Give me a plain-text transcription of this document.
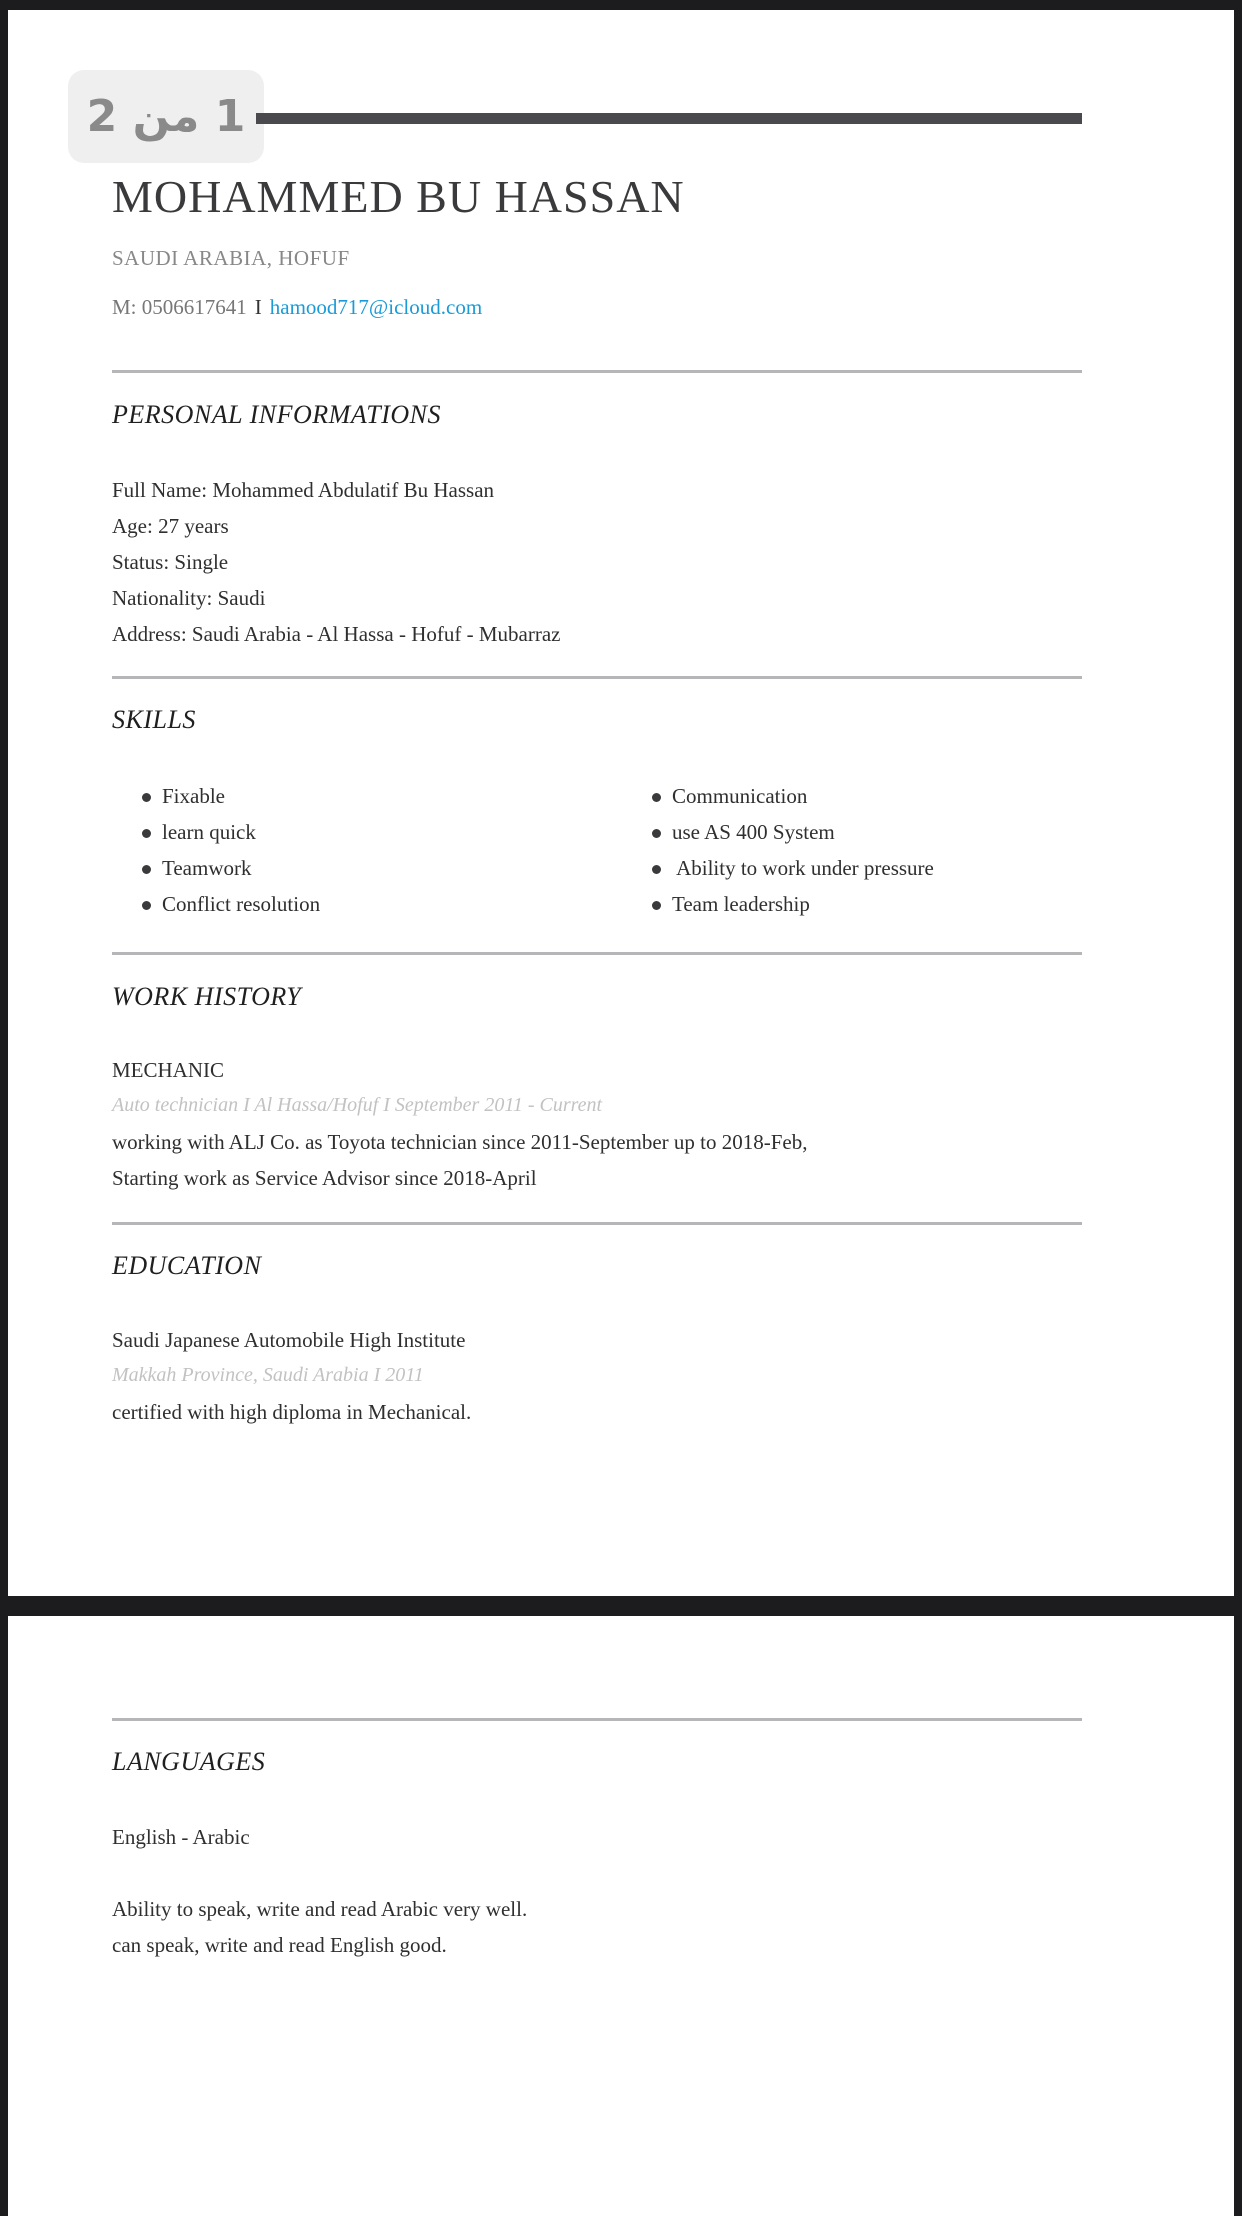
1 من 2
MOHAMMED BU HASSAN
SAUDI ARABIA, HOFUF
M: 0506617641 I hamood717@icloud.com
PERSONAL INFORMATIONS
Full Name: Mohammed Abdulatif Bu Hassan
Age: 27 years
Status: Single
Nationality: Saudi
Address: Saudi Arabia - Al Hassa - Hofuf - Mubarraz
SKILLS
Fixable
learn quick
Teamwork
Conflict resolution
Communication
use AS 400 System
Ability to work under pressure
Team leadership
WORK HISTORY
MECHANIC
Auto technician I Al Hassa/Hofuf I September 2011 - Current
working with ALJ Co. as Toyota technician since 2011-September up to 2018-Feb,
Starting work as Service Advisor since 2018-April
EDUCATION
Saudi Japanese Automobile High Institute
Makkah Province, Saudi Arabia I 2011
certified with high diploma in Mechanical.
LANGUAGES
English - Arabic
Ability to speak, write and read Arabic very well.
can speak, write and read English good.
